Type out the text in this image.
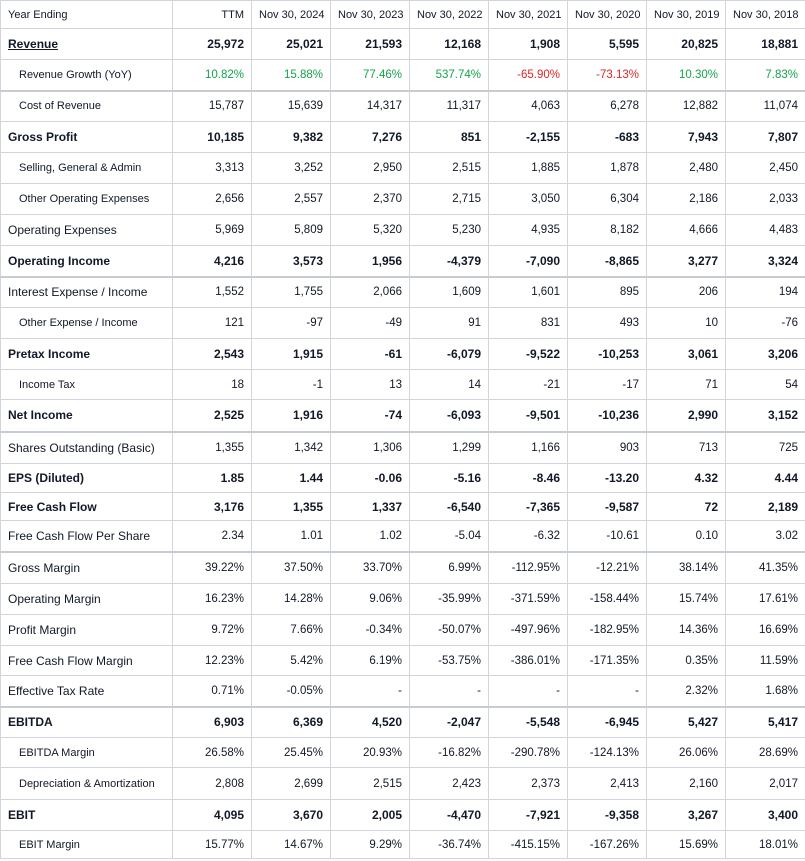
Year Ending	TTM	Nov 30, 2024	Nov 30, 2023	Nov 30, 2022	Nov 30, 2021	Nov 30, 2020	Nov 30, 2019	Nov 30, 2018
Revenue	25,972	25,021	21,593	12,168	1,908	5,595	20,825	18,881
Revenue Growth (YoY)	10.82%	15.88%	77.46%	537.74%	-65.90%	-73.13%	10.30%	7.83%
Cost of Revenue	15,787	15,639	14,317	11,317	4,063	6,278	12,882	11,074
Gross Profit	10,185	9,382	7,276	851	-2,155	-683	7,943	7,807
Selling, General & Admin	3,313	3,252	2,950	2,515	1,885	1,878	2,480	2,450
Other Operating Expenses	2,656	2,557	2,370	2,715	3,050	6,304	2,186	2,033
Operating Expenses	5,969	5,809	5,320	5,230	4,935	8,182	4,666	4,483
Operating Income	4,216	3,573	1,956	-4,379	-7,090	-8,865	3,277	3,324
Interest Expense / Income	1,552	1,755	2,066	1,609	1,601	895	206	194
Other Expense / Income	121	-97	-49	91	831	493	10	-76
Pretax Income	2,543	1,915	-61	-6,079	-9,522	-10,253	3,061	3,206
Income Tax	18	-1	13	14	-21	-17	71	54
Net Income	2,525	1,916	-74	-6,093	-9,501	-10,236	2,990	3,152
Shares Outstanding (Basic)	1,355	1,342	1,306	1,299	1,166	903	713	725
EPS (Diluted)	1.85	1.44	-0.06	-5.16	-8.46	-13.20	4.32	4.44
Free Cash Flow	3,176	1,355	1,337	-6,540	-7,365	-9,587	72	2,189
Free Cash Flow Per Share	2.34	1.01	1.02	-5.04	-6.32	-10.61	0.10	3.02
Gross Margin	39.22%	37.50%	33.70%	6.99%	-112.95%	-12.21%	38.14%	41.35%
Operating Margin	16.23%	14.28%	9.06%	-35.99%	-371.59%	-158.44%	15.74%	17.61%
Profit Margin	9.72%	7.66%	-0.34%	-50.07%	-497.96%	-182.95%	14.36%	16.69%
Free Cash Flow Margin	12.23%	5.42%	6.19%	-53.75%	-386.01%	-171.35%	0.35%	11.59%
Effective Tax Rate	0.71%	-0.05%	-	-	-	-	2.32%	1.68%
EBITDA	6,903	6,369	4,520	-2,047	-5,548	-6,945	5,427	5,417
EBITDA Margin	26.58%	25.45%	20.93%	-16.82%	-290.78%	-124.13%	26.06%	28.69%
Depreciation & Amortization	2,808	2,699	2,515	2,423	2,373	2,413	2,160	2,017
EBIT	4,095	3,670	2,005	-4,470	-7,921	-9,358	3,267	3,400
EBIT Margin	15.77%	14.67%	9.29%	-36.74%	-415.15%	-167.26%	15.69%	18.01%
